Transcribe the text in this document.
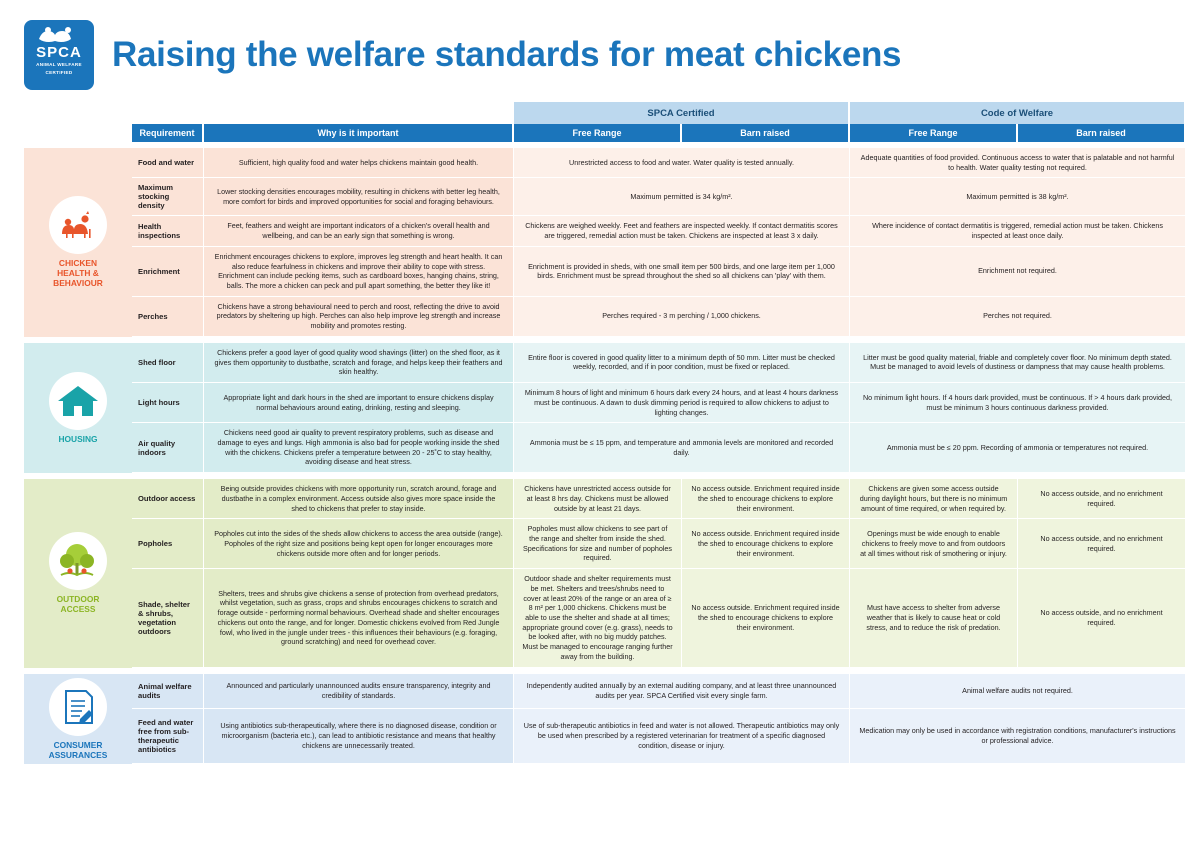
SPCA
ANIMAL WELFARE
CERTIFIED Raising the welfare standards for meat chickens
			SPCA Certified		Code of Welfare	
	Requirement	Why is it important	Free Range	Barn raised	Free Range	Barn raised

CHICKEN
HEALTH &
BEHAVIOUR	Food and water	Sufficient, high quality food and water helps chickens maintain good health.	Unrestricted access to food and water. Water quality is tested annually.		Adequate quantities of food provided. Continuous access to water that is palatable and not harmful to health. Water quality testing not required.	
	Maximum stocking density	Lower stocking densities encourages mobility, resulting in chickens with better leg health, more comfort for birds and improved opportunities for social and foraging behaviours.	Maximum permitted is 34 kg/m².		Maximum permitted is 38 kg/m².	
	Health inspections	Feet, feathers and weight are important indicators of a chicken's overall health and wellbeing, and can be an early sign that something is wrong.	Chickens are weighed weekly. Feet and feathers are inspected weekly. If contact dermatitis scores are triggered, remedial action must be taken. Chickens are inspected at least 3 x daily.		Where incidence of contact dermatitis is triggered, remedial action must be taken. Chickens inspected at least once daily.	
	Enrichment	Enrichment encourages chickens to explore, improves leg strength and heart health. It can also reduce fearfulness in chickens and improve their ability to cope with stress. Enrichment can include pecking items, such as cardboard boxes, hanging chains, string, balls. The more a chicken can peck and pull apart something, the better they like it!	Enrichment is provided in sheds, with one small item per 500 birds, and one large item per 1,000 birds. Enrichment must be spread throughout the shed so all chickens can 'play' with them.		Enrichment not required.	
	Perches	Chickens have a strong behavioural need to perch and roost, reflecting the drive to avoid predators by sheltering up high. Perches can also help improve leg strength and increase mobility and promotes resting.	Perches required - 3 m perching / 1,000 chickens.		Perches not required.	

HOUSING	Shed floor	Chickens prefer a good layer of good quality wood shavings (litter) on the shed floor, as it gives them opportunity to dustbathe, scratch and forage, and helps keep their feathers and skin healthy.	Entire floor is covered in good quality litter to a minimum depth of 50 mm. Litter must be checked weekly, recorded, and if in poor condition, must be fixed or replaced.		Litter must be good quality material, friable and completely cover floor. No minimum depth stated. Must be managed to avoid levels of dustiness or dampness that may cause health problems.	
	Light hours	Appropriate light and dark hours in the shed are important to ensure chickens display normal behaviours around eating, drinking, resting and sleeping.	Minimum 8 hours of light and minimum 6 hours dark every 24 hours, and at least 4 hours darkness must be continuous. A dawn to dusk dimming period is required to allow chickens to adjust to lighting changes.		No minimum light hours. If 4 hours dark provided, must be continuous. If > 4 hours dark provided, must be minimum 3 hours continuous darkness provided.	
	Air quality indoors	Chickens need good air quality to prevent respiratory problems, such as disease and damage to eyes and lungs. High ammonia is also bad for people working inside the shed with the chickens. Chickens prefer a temperature between 20 - 25˚C to stay healthy, avoiding disease and heat stress.	Ammonia must be ≤ 15 ppm, and temperature and ammonia levels are monitored and recorded daily.		Ammonia must be ≤ 20 ppm. Recording of ammonia or temperatures not required.	

OUTDOOR
ACCESS	Outdoor access	Being outside provides chickens with more opportunity run, scratch around, forage and dustbathe in a complex environment. Access outside also gives more space inside the shed to chickens that prefer to stay inside.	Chickens have unrestricted access outside for at least 8 hrs day. Chickens must be allowed outside by at least 21 days.	No access outside. Enrichment required inside the shed to encourage chickens to explore their environment.	Chickens are given some access outside during daylight hours, but there is no minimum amount of time required, or when required by.	No access outside, and no enrichment required.
	Popholes	Popholes cut into the sides of the sheds allow chickens to access the area outside (range). Popholes of the right size and positions being kept open for longer encourages more chickens outside more often and for longer periods.	Popholes must allow chickens to see part of the range and shelter from inside the shed. Specifications for size and number of popholes required.	No access outside. Enrichment required inside the shed to encourage chickens to explore their environment.	Openings must be wide enough to enable chickens to freely move to and from outdoors at all times without risk of smothering or injury.	No access outside, and no enrichment required.
Shade, shelter & shrubs, vegetation outdoors	Shelters, trees and shrubs give chickens a sense of protection from overhead predators, whilst vegetation, such as grass, crops and shrubs encourages chickens to scratch and forage outside - performing normal behaviours. Overhead shade and shelter encourages chickens out onto the range, and for longer. Domestic chickens evolved from Red Jungle fowl, who lived in the jungle under trees - this influences their behaviours (e.g. foraging, ground scratching) and need for overhead cover.	Outdoor shade and shelter requirements must be met. Shelters and trees/shrubs need to cover at least 20% of the range or an area of ≥ 8 m² per 1,000 chickens. Chickens must be able to use the shelter and shade at all times; appropriate ground cover (e.g. grass), needs to be looked after, with no big muddy patches. Must be managed to encourage ranging further away from the building.	No access outside. Enrichment required inside the shed to encourage chickens to explore their environment.	Must have access to shelter from adverse weather that is likely to cause heat or cold stress, and to reduce the risk of predation.	No access outside, and no enrichment required.

CONSUMER
ASSURANCES	Animal welfare audits	Announced and particularly unannounced audits ensure transparency, integrity and credibility of standards.	Independently audited annually by an external auditing company, and at least three unannounced audits per year. SPCA Certified visit every single farm.		Animal welfare audits not required.	
Feed and water free from sub-therapeutic antibiotics	Using antibiotics sub-therapeutically, where there is no diagnosed disease, condition or microorganism (bacteria etc.), can lead to antibiotic resistance and means that healthy chickens are unnecessarily treated.	Use of sub-therapeutic antibiotics in feed and water is not allowed. Therapeutic antibiotics may only be used when prescribed by a registered veterinarian for treatment of a specific diagnosed condition, disease or injury.	Medication may only be used in accordance with registration conditions, manufacturer's instructions or professional advice.
